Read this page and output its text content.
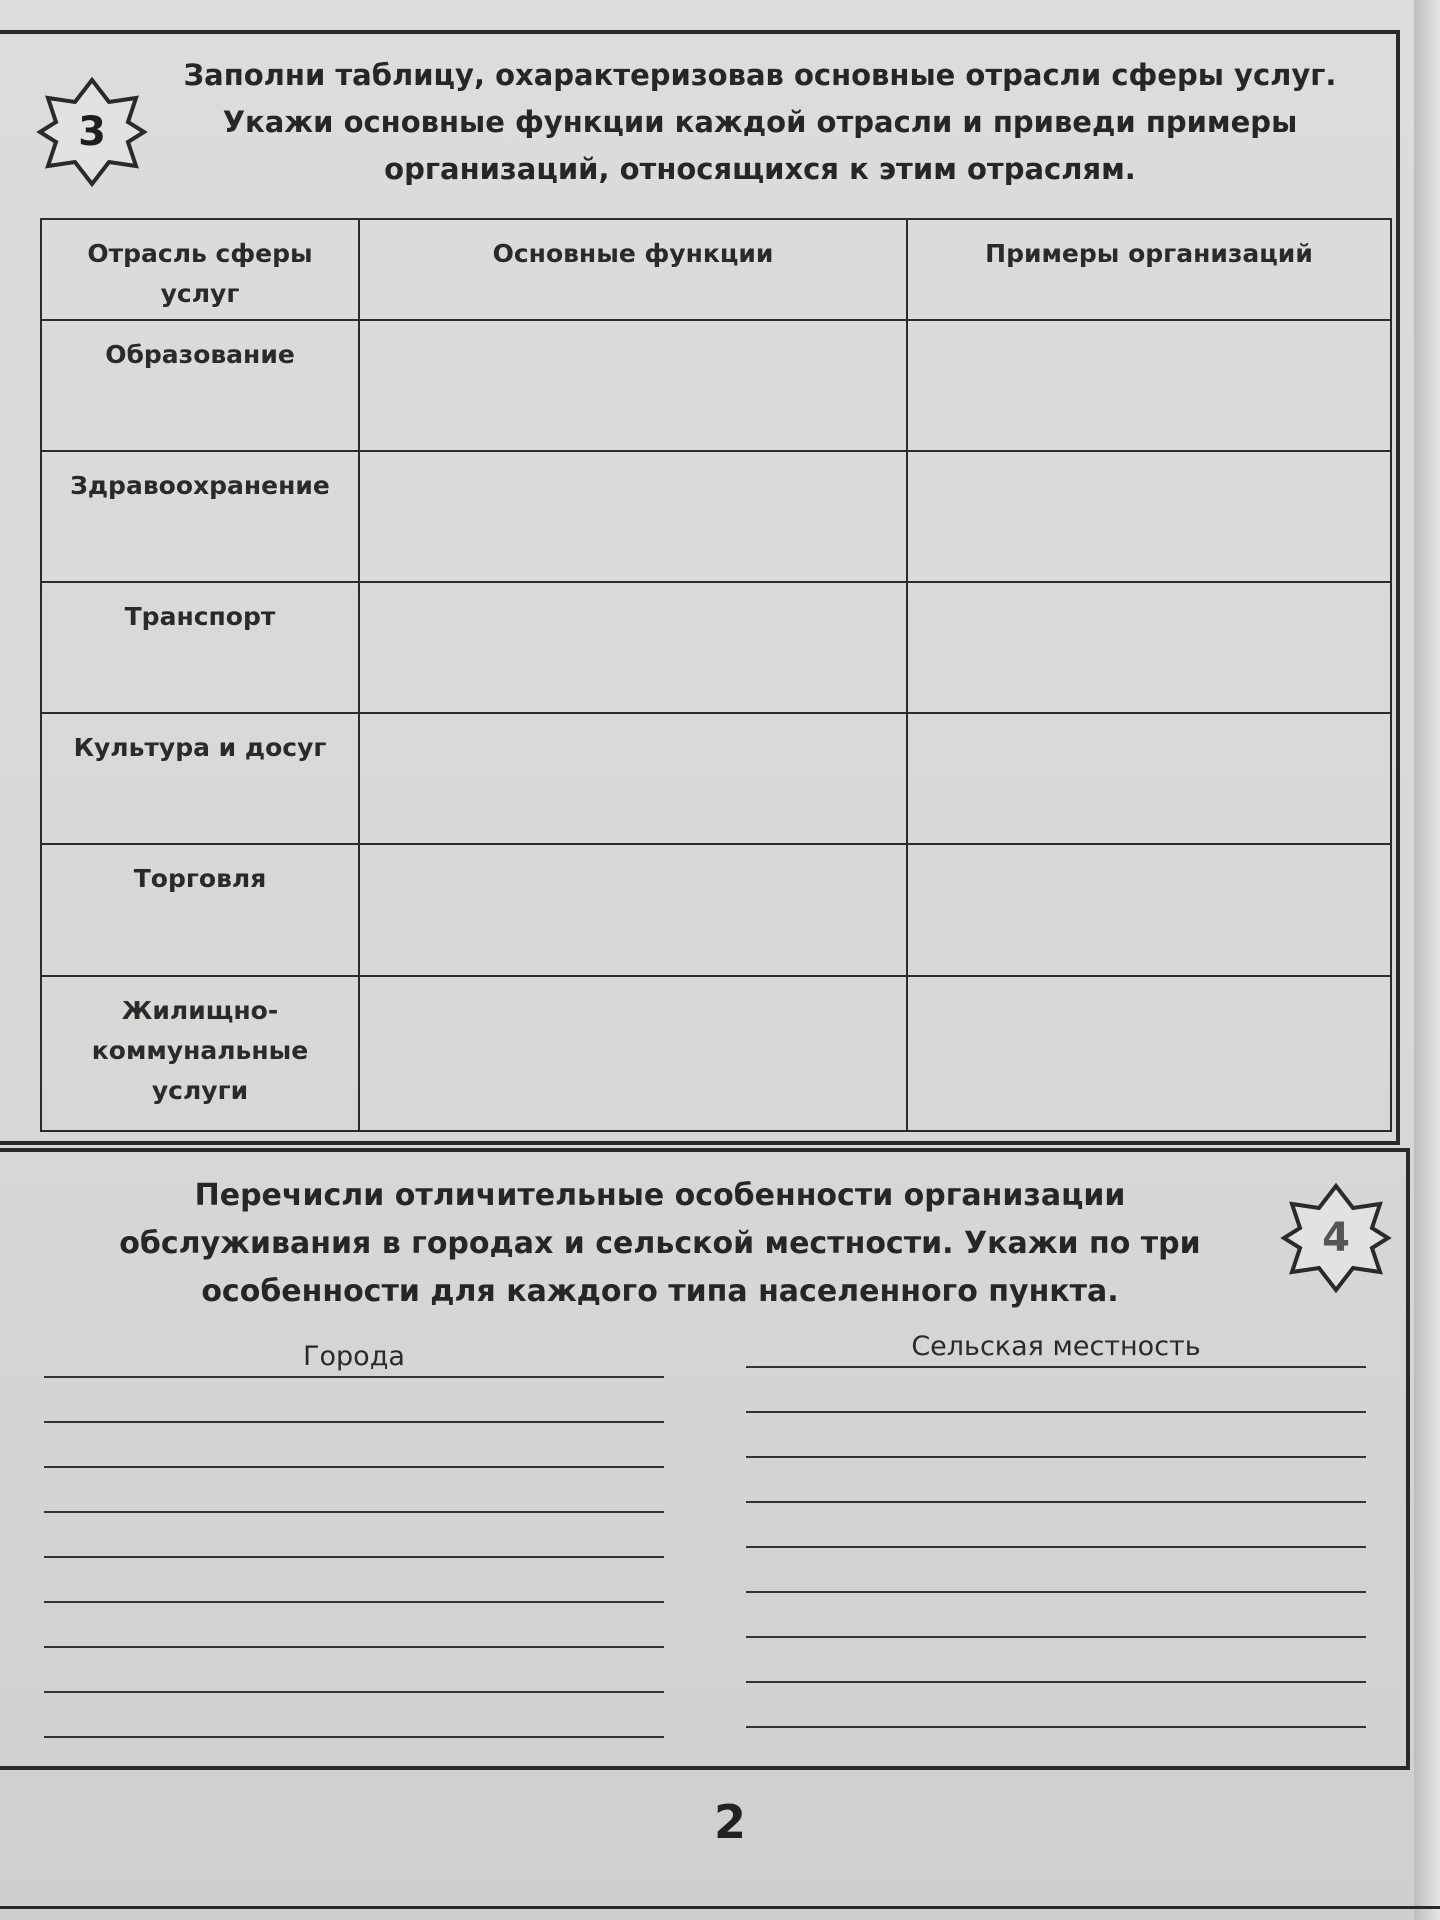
3
Заполни таблицу, охарактеризовав основные отрасли сферы услуг.
Укажи основные функции каждой отрасли и приведи примеры
организаций, относящихся к этим отраслям.
Отрасль сферы услуг	Основные функции	Примеры организаций
Образование		
Здравоохранение		
Транспорт		
Культура и досуг		
Торговля		
Жилищно-коммунальные услуги		
Перечисли отличительные особенности организации
обслуживания в городах и сельской местности. Укажи по три
особенности для каждого типа населенного пункта.
4
Города	Сельская местность
2
